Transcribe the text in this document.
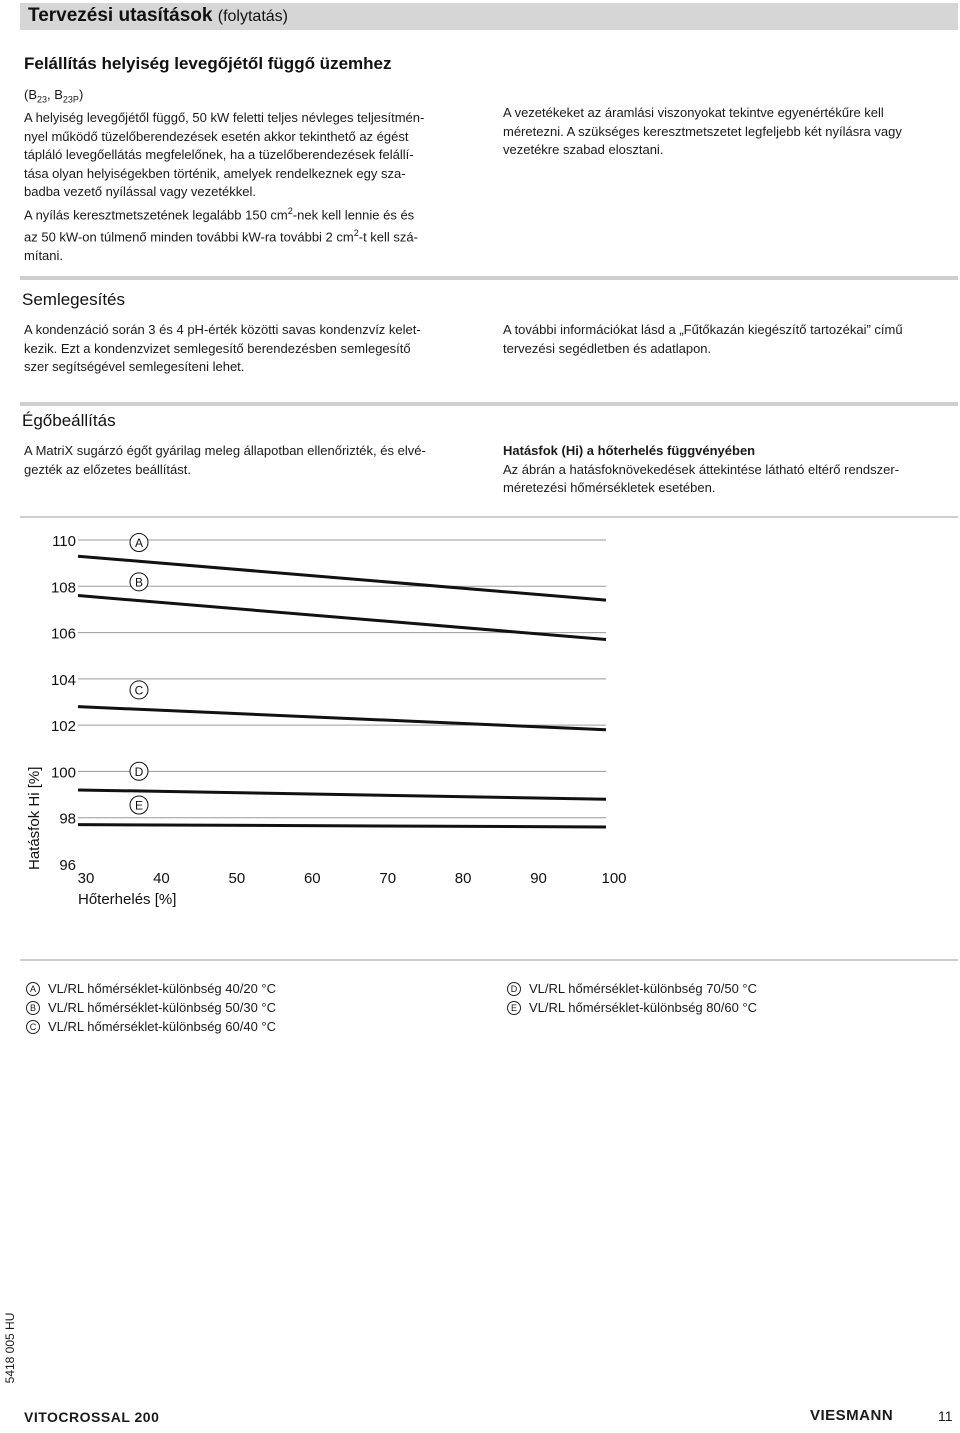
Tervezési utasítások (folytatás)
Felállítás helyiség levegőjétől függő üzemhez

($B_{23}$, $B_{23P}$)

A helyiség levegőjétől függő, 50 kW feletti teljes névleges teljesítmén-

nyel működő tüzelőberendezések esetén akkor tekinthető az égést

tápláló levegőellátás megfelelőnek, ha a tüzelőberendezések felállí-

tása olyan helyiségekben történik, amelyek rendelkeznek egy sza-

badba vezető nyílással vagy vezetékkel.

A nyílás keresztmetszetének legalább 150 $cm^2$-nek kell lennie és és

az 50 kW-on túlmenő minden további kW-ra további 2 $cm^2-t$ kell szá-

mítani.

A vezetékeket az áramlási viszonyokat tekintve egyenértékűre kell

méretezni. A szükséges keresztmetszetet legfeljebb két nyílásra vagy

vezetékre szabad elosztani.

Semlegesítés

A kondenzáció során 3 és 4 pH-érték közötti savas kondenzvíz kelet-

kezik. Ezt a kondenzvizet semlegesítő berendezésben semlegesítő

szer segítségével semlegesíteni lehet.

A további információkat lásd a „Fűtőkazán kiegészítő tartozékai” című

tervezési segédletben és adatlapon.

Égőbeállítás

A MatriX sugárzó égőt gyárilag meleg állapotban ellenőrizték, és elvé-

gezték az előzetes beállítást.

Hatásfok (Hi) a hőterhelés függvényében

Az ábrán a hatásfoknövekedések áttekintése látható eltérő rendszer-

méretezési hőmérsékletek esetében.

110
108
106
104
102
100
98
96
30	40	50	60	70	80	90	100
A
B
C
D
E
Hőterhelés [%]
Hatásfok Hi [%]
A VL/RL hőmérséklet-különbség 40/20 °C
B VL/RL hőmérséklet-különbség 50/30 °C
C VL/RL hőmérséklet-különbség 60/40 °C
D VL/RL hőmérséklet-különbség 70/50 °C
E VL/RL hőmérséklet-különbség 80/60 °C
5418 005 HU
VITOCROSSAL 200	VIESMANN	11
